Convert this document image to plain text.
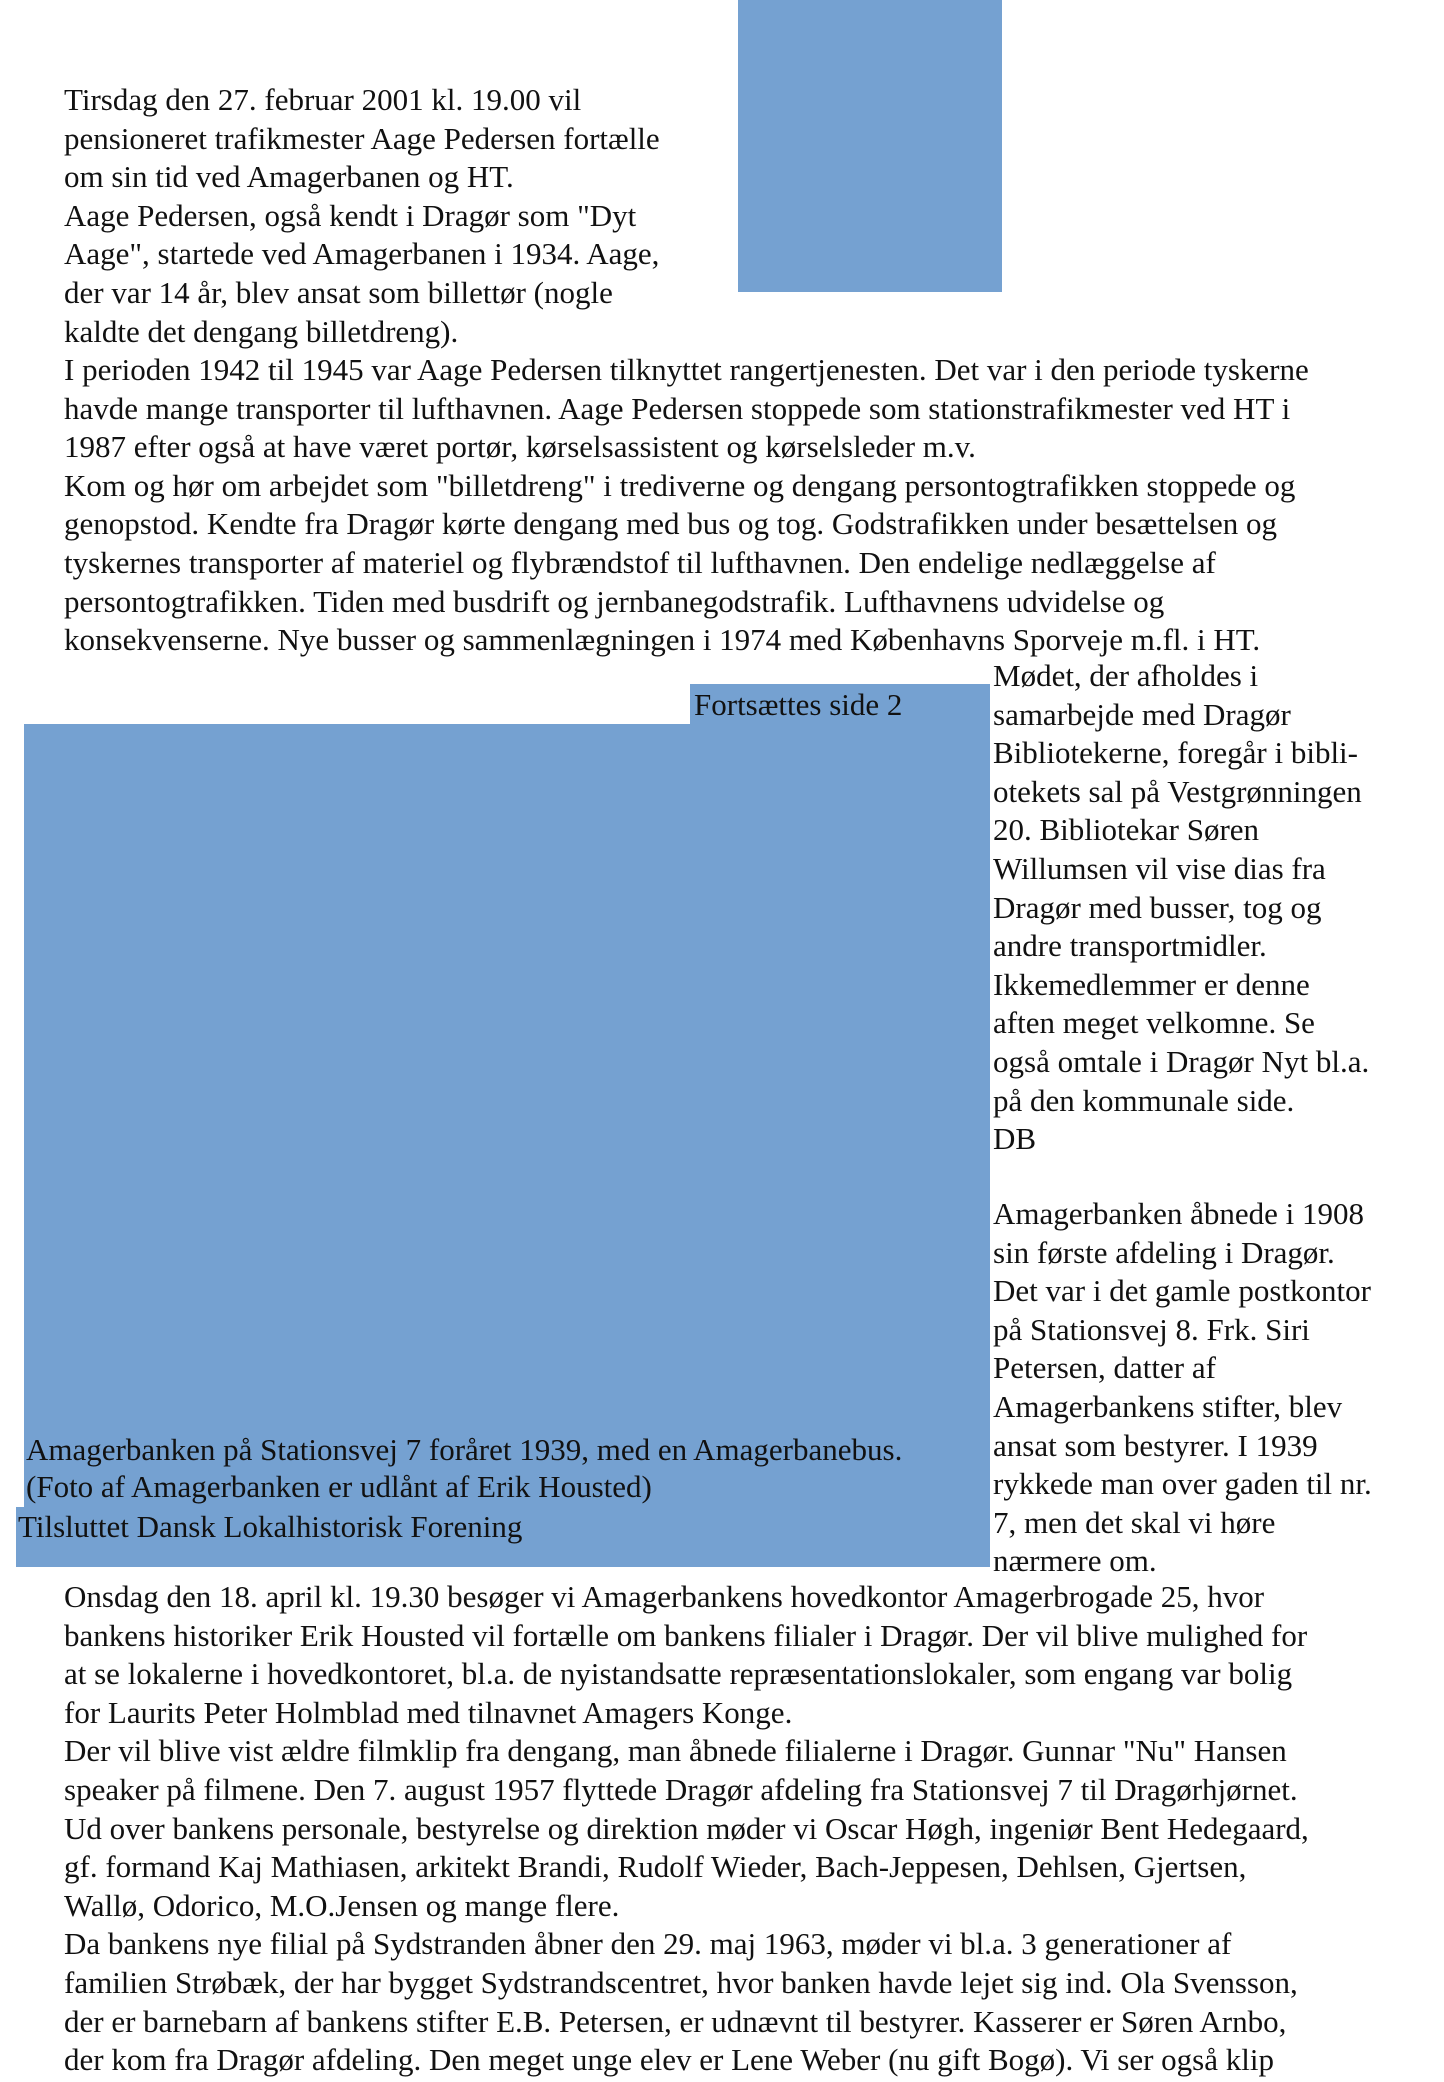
Tirsdag den 27. februar 2001 kl. 19.00 vil
pensioneret trafikmester Aage Pedersen fortælle
om sin tid ved Amagerbanen og HT.
Aage Pedersen, også kendt i Dragør som "Dyt
Aage", startede ved Amagerbanen i 1934. Aage,
der var 14 år, blev ansat som billettør (nogle
kaldte det dengang billetdreng).

I perioden 1942 til 1945 var Aage Pedersen tilknyttet rangertjenesten. Det var i den periode tyskerne
havde mange transporter til lufthavnen. Aage Pedersen stoppede som stationstrafikmester ved HT i
1987 efter også at have været portør, kørselsassistent og kørselsleder m.v.
Kom og hør om arbejdet som "billetdreng" i trediverne og dengang persontogtrafikken stoppede og
genopstod. Kendte fra Dragør kørte dengang med bus og tog. Godstrafikken under besættelsen og
tyskernes transporter af materiel og flybrændstof til lufthavnen. Den endelige nedlæggelse af
persontogtrafikken. Tiden med busdrift og jernbanegodstrafik. Lufthavnens udvidelse og
konsekvenserne. Nye busser og sammenlægningen i 1974 med Københavns Sporveje m.fl. i HT.

Fortsættes side 2

Amagerbanken på Stationsvej 7 foråret 1939, med en Amagerbanebus.
(Foto af Amagerbanken er udlånt af Erik Housted)

Tilsluttet Dansk Lokalhistorisk Forening

Mødet, der afholdes i
samarbejde med Dragør
Bibliotekerne, foregår i bibli-
otekets sal på Vestgrønningen
20. Bibliotekar Søren
Willumsen vil vise dias fra
Dragør med busser, tog og
andre transportmidler.
Ikkemedlemmer er denne
aften meget velkomne. Se
også omtale i Dragør Nyt bl.a.
på den kommunale side.
DB

Amagerbanken åbnede i 1908
sin første afdeling i Dragør.
Det var i det gamle postkontor
på Stationsvej 8. Frk. Siri
Petersen, datter af
Amagerbankens stifter, blev
ansat som bestyrer. I 1939
rykkede man over gaden til nr.
7, men det skal vi høre
nærmere om.

Onsdag den 18. april kl. 19.30 besøger vi Amagerbankens hovedkontor Amagerbrogade 25, hvor
bankens historiker Erik Housted vil fortælle om bankens filialer i Dragør. Der vil blive mulighed for
at se lokalerne i hovedkontoret, bl.a. de nyistandsatte repræsentationslokaler, som engang var bolig
for Laurits Peter Holmblad med tilnavnet Amagers Konge.
Der vil blive vist ældre filmklip fra dengang, man åbnede filialerne i Dragør. Gunnar "Nu" Hansen
speaker på filmene. Den 7. august 1957 flyttede Dragør afdeling fra Stationsvej 7 til Dragørhjørnet.
Ud over bankens personale, bestyrelse og direktion møder vi Oscar Høgh, ingeniør Bent Hedegaard,
gf. formand Kaj Mathiasen, arkitekt Brandi, Rudolf Wieder, Bach-Jeppesen, Dehlsen, Gjertsen,
Wallø, Odorico, M.O.Jensen og mange flere.
Da bankens nye filial på Sydstranden åbner den 29. maj 1963, møder vi bl.a. 3 generationer af
familien Strøbæk, der har bygget Sydstrandscentret, hvor banken havde lejet sig ind. Ola Svensson,
der er barnebarn af bankens stifter E.B. Petersen, er udnævnt til bestyrer. Kasserer er Søren Arnbo,
der kom fra Dragør afdeling. Den meget unge elev er Lene Weber (nu gift Bogø). Vi ser også klip
